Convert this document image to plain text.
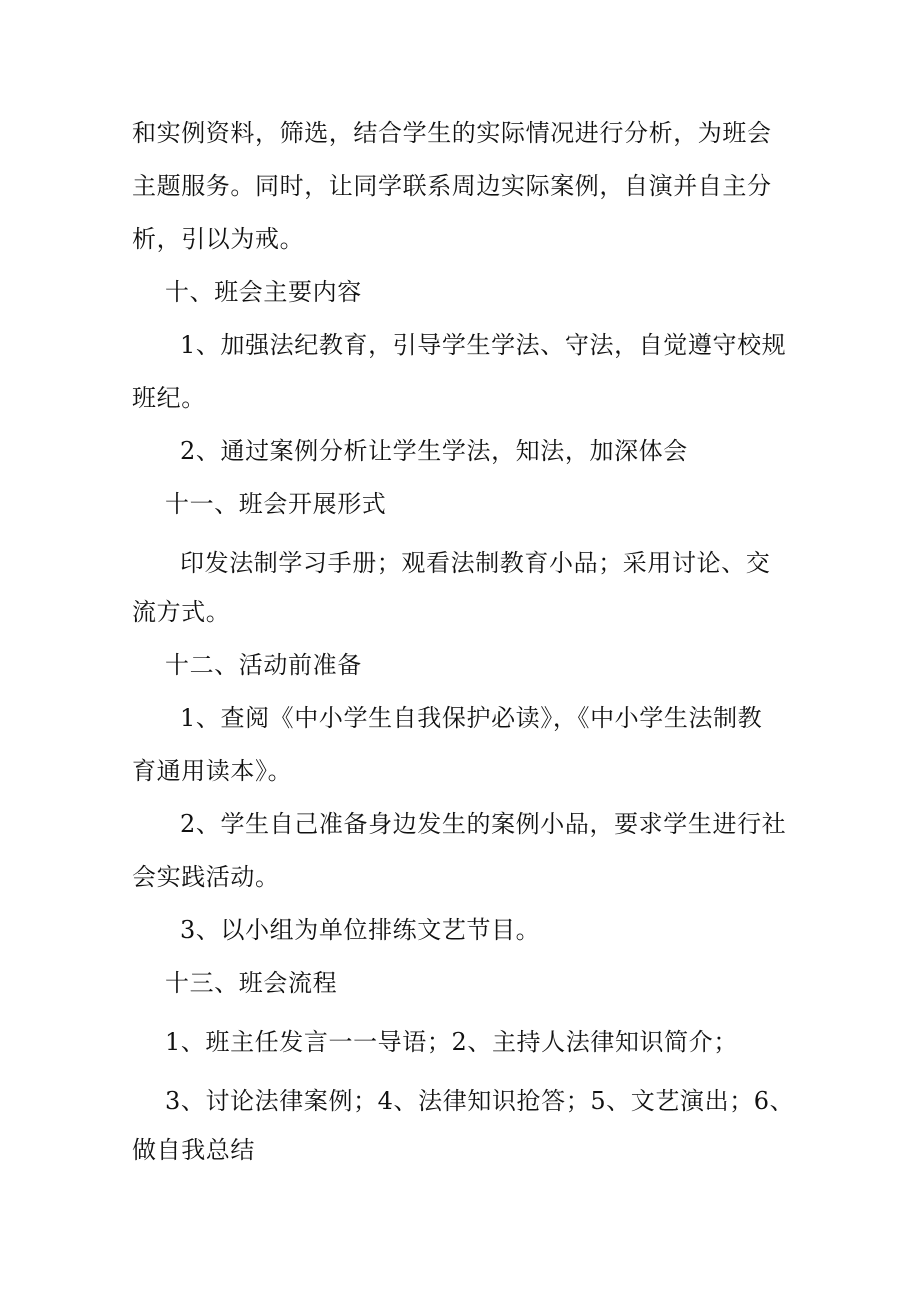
和实例资料，筛选，结合学生的实际情况进行分析，为班会
主题服务。同时，让同学联系周边实际案例，自演并自主分
析，引以为戒。
十、班会主要内容
1、加强法纪教育，引导学生学法、守法，自觉遵守校规
班纪。
2、通过案例分析让学生学法，知法，加深体会
十一、班会开展形式
印发法制学习手册；观看法制教育小品；采用讨论、交
流方式。
十二、活动前准备
1、查阅《中小学生自我保护必读》，《中小学生法制教
育通用读本》。
2、学生自己准备身边发生的案例小品，要求学生进行社
会实践活动。
3、以小组为单位排练文艺节目。
十三、班会流程
1、班主任发言一一导语；2、主持人法律知识简介；
3、讨论法律案例；4、法律知识抢答；5、文艺演出；6、
做自我总结
